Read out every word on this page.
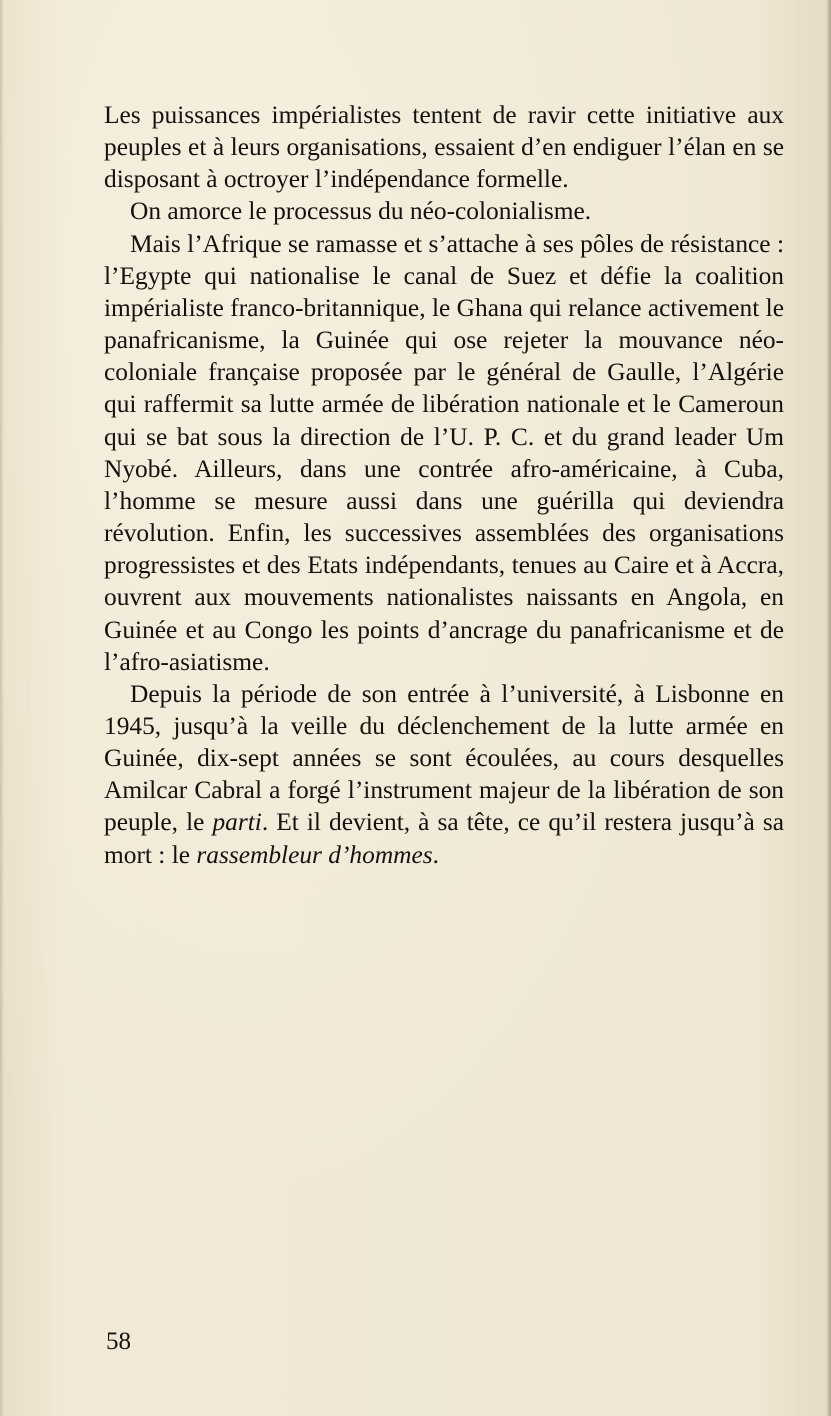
Les puissances impérialistes tentent de ravir cette initiative aux peuples et à leurs organisations, essaient d’en endiguer l’élan en se disposant à octroyer l’indépendance formelle.

On amorce le processus du néo-colonialisme.

Mais l’Afrique se ramasse et s’attache à ses pôles de résistance : l’Egypte qui nationalise le canal de Suez et défie la coalition impérialiste franco-britannique, le Ghana qui relance activement le panafricanisme, la Guinée qui ose rejeter la mouvance néo-coloniale française proposée par le général de Gaulle, l’Algérie qui raffermit sa lutte armée de libération nationale et le Cameroun qui se bat sous la direction de l’U. P. C. et du grand leader Um Nyobé. Ailleurs, dans une contrée afro-américaine, à Cuba, l’homme se mesure aussi dans une guérilla qui deviendra révolution. Enfin, les successives assemblées des organisations progressistes et des Etats indépendants, tenues au Caire et à Accra, ouvrent aux mouvements nationalistes naissants en Angola, en Guinée et au Congo les points d’ancrage du panafricanisme et de l’afro-asiatisme.

Depuis la période de son entrée à l’université, à Lisbonne en 1945, jusqu’à la veille du déclenchement de la lutte armée en Guinée, dix-sept années se sont écoulées, au cours desquelles Amilcar Cabral a forgé l’instrument majeur de la libération de son peuple, le parti. Et il devient, à sa tête, ce qu’il restera jusqu’à sa mort : le rassembleur d’hommes.

58
